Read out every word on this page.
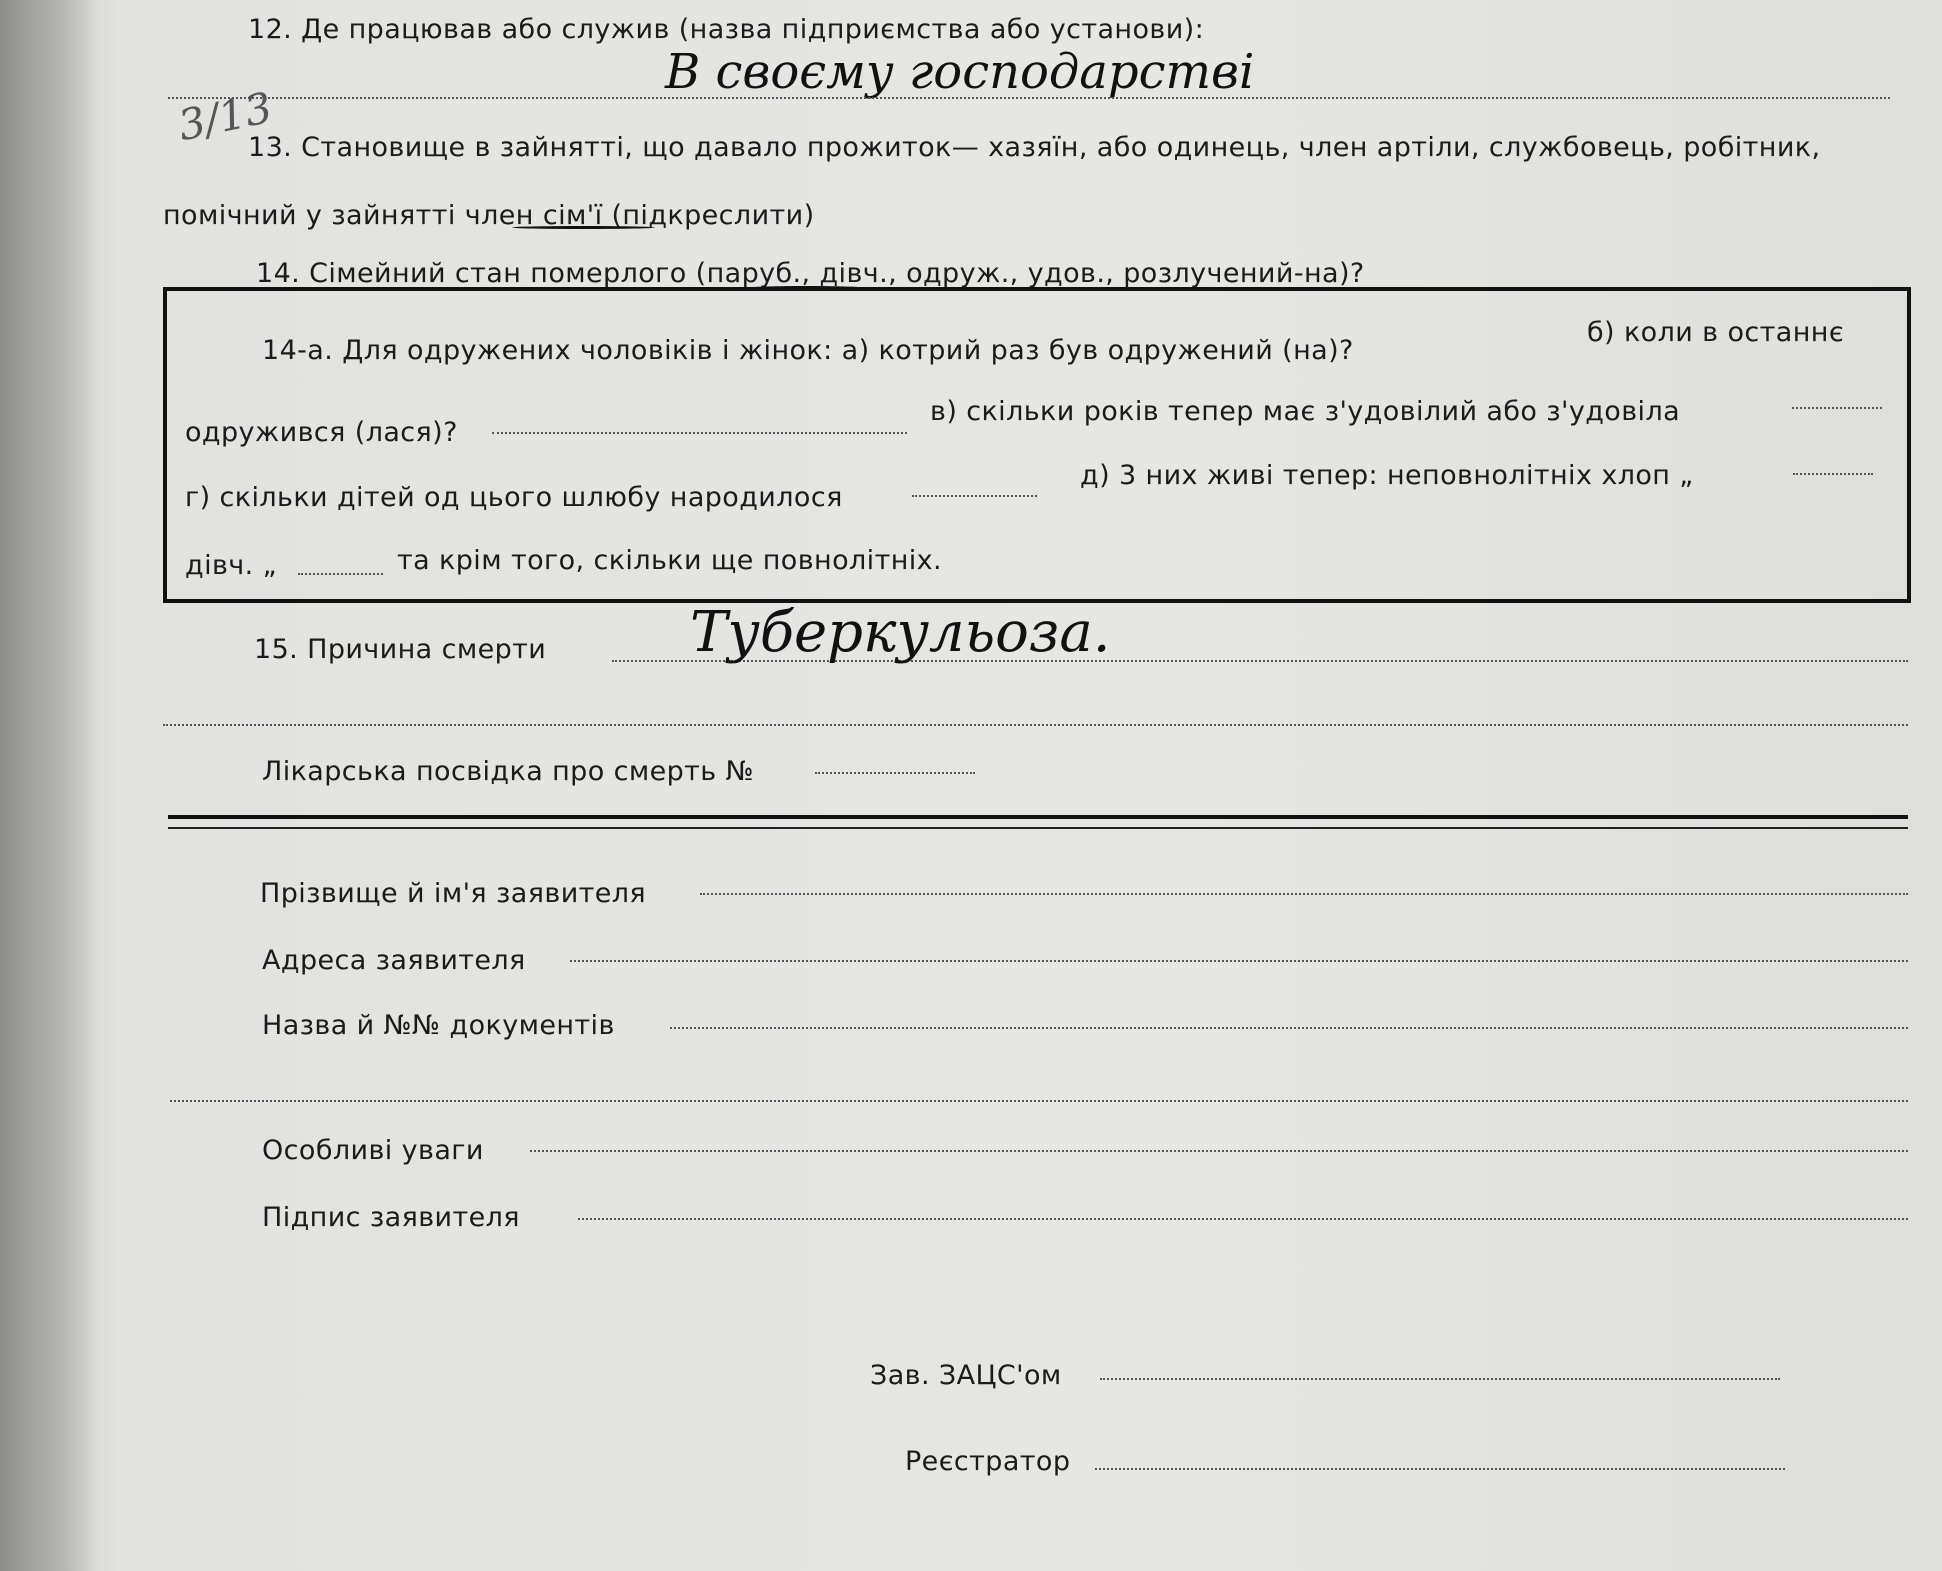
12. Де працював або служив (назва підприємства або установи):
В своєму господарстві
3/13
13. Становище в зайнятті, що давало прожиток— хазяїн, або одинець, член артіли, службовець, робітник,
помічний у зайнятті член сім'ї (підкреслити)
14. Сімейний стан померлого (паруб., дівч., одруж., удов., розлучений-на)?
14-а. Для одружених чоловіків і жінок: а) котрий раз був одружений (на)?
б) коли в останнє
одружився (лася)?
в) скільки років тепер має з'удовілий або з'удовіла
г) скільки дітей од цього шлюбу народилося
д) 3 них живі тепер: неповнолітніх хлоп „
дівч. „	та крім того, скільки ще повнолітніх.
15. Причина смерти	Туберкульоза.
Лікарська посвідка про смерть №
Прізвище й ім'я заявителя
Адреса заявителя
Назва й №№ документів
Особливі уваги
Підпис заявителя
Зав. ЗАЦС'ом
Реєстратор
